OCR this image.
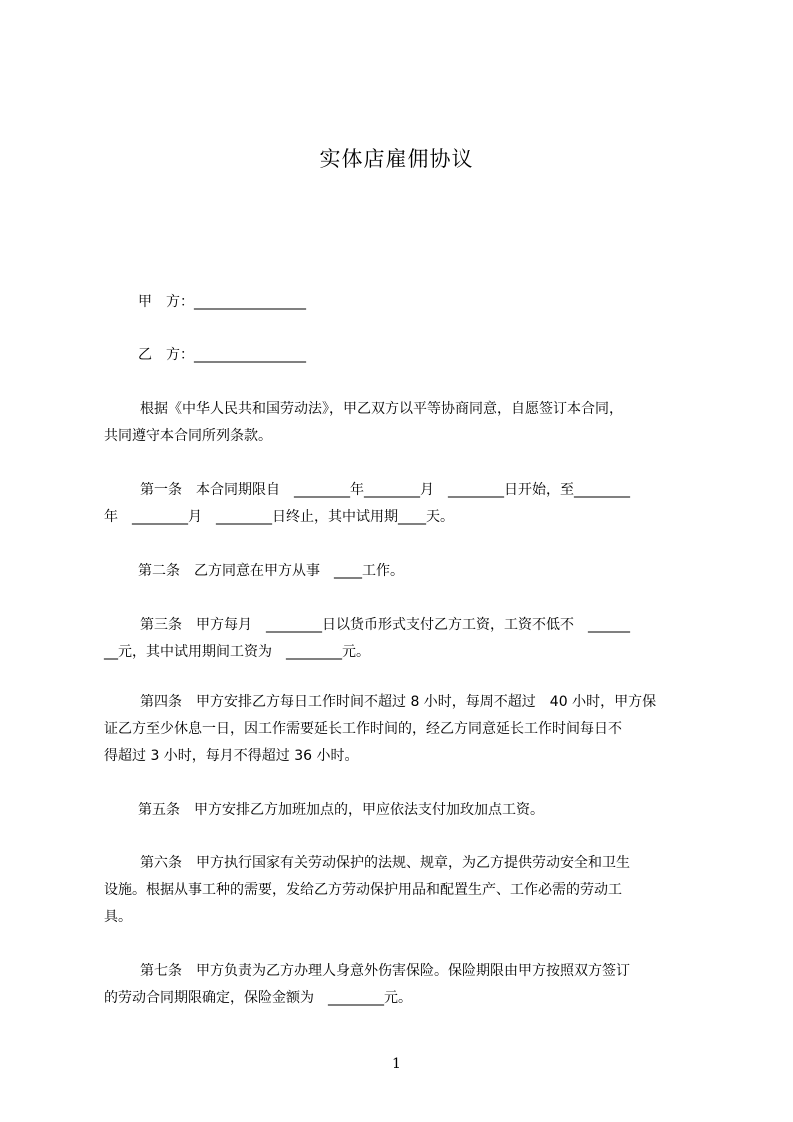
实体店雇佣协议
甲　方：________________
乙　方：________________
根据《中华人民共和国劳动法》，甲乙双方以平等协商同意，自愿签订本合同，
共同遵守本合同所列条款。
第一条　本合同期限自　________年________月　________日开始，至________
年　________月　________日终止，其中试用期____天。
第二条　乙方同意在甲方从事　____工作。
第三条　甲方每月　________日以货币形式支付乙方工资，工资不低不　______
__元，其中试用期间工资为　________元。
第四条　甲方安排乙方每日工作时间不超过 8 小时，每周不超过　40 小时，甲方保
证乙方至少休息一日，因工作需要延长工作时间的，经乙方同意延长工作时间每日不
得超过 3 小时，每月不得超过 36 小时。
第五条　甲方安排乙方加班加点的，甲应依法支付加玫加点工资。
第六条　甲方执行国家有关劳动保护的法规、规章，为乙方提供劳动安全和卫生
设施。根据从事工种的需要，发给乙方劳动保护用品和配置生产、工作必需的劳动工
具。
第七条　甲方负责为乙方办理人身意外伤害保险。保险期限由甲方按照双方签订
的劳动合同期限确定，保险金额为　________元。
1
